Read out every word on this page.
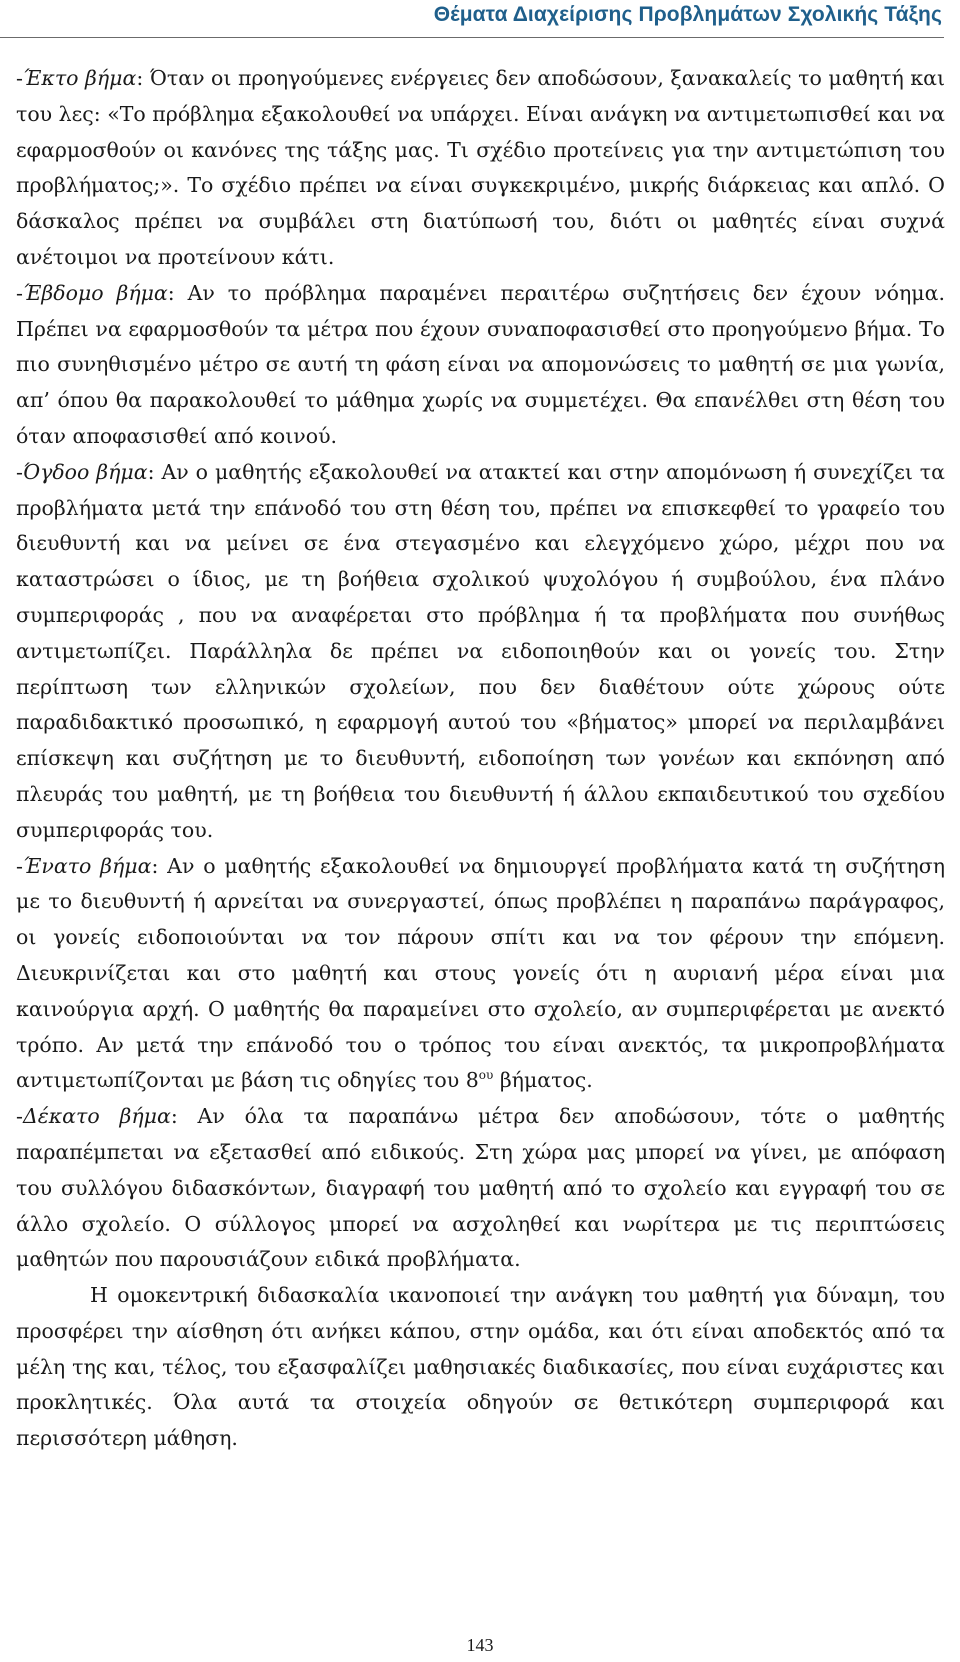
Θέματα Διαχείρισης Προβλημάτων Σχολικής Τάξης

-Έκτο βήμα: Όταν οι προηγούμενες ενέργειες δεν αποδώσουν, ξανακαλείς το μαθητή και του λες: «Το πρόβλημα εξακολουθεί να υπάρχει. Είναι ανάγκη να αντιμετωπισθεί και να εφαρμοσθούν οι κανόνες της τάξης μας. Τι σχέδιο προτείνεις για την αντιμετώπιση του προβλήματος;». Το σχέδιο πρέπει να είναι συγκεκριμένο, μικρής διάρκειας και απλό. Ο δάσκαλος πρέπει να συμβάλει στη διατύπωσή του, διότι οι μαθητές είναι συχνά ανέτοιμοι να προτείνουν κάτι.

-Έβδομο βήμα: Αν το πρόβλημα παραμένει περαιτέρω συζητήσεις δεν έχουν νόημα. Πρέπει να εφαρμοσθούν τα μέτρα που έχουν συναποφασισθεί στο προηγούμενο βήμα. Το πιο συνηθισμένο μέτρο σε αυτή τη φάση είναι να απομονώσεις το μαθητή σε μια γωνία, απ’ όπου θα παρακολουθεί το μάθημα χωρίς να συμμετέχει. Θα επανέλθει στη θέση του όταν αποφασισθεί από κοινού.

-Όγδοο βήμα: Αν ο μαθητής εξακολουθεί να ατακτεί και στην απομόνωση ή συνεχίζει τα προβλήματα μετά την επάνοδό του στη θέση του, πρέπει να επισκεφθεί το γραφείο του διευθυντή και να μείνει σε ένα στεγασμένο και ελεγχόμενο χώρο, μέχρι που να καταστρώσει ο ίδιος, με τη βοήθεια σχολικού ψυχολόγου ή συμβούλου, ένα πλάνο συμπεριφοράς , που να αναφέρεται στο πρόβλημα ή τα προβλήματα που συνήθως αντιμετωπίζει. Παράλληλα δε πρέπει να ειδοποιηθούν και οι γονείς του. Στην περίπτωση των ελληνικών σχολείων, που δεν διαθέτουν ούτε χώρους ούτε παραδιδακτικό προσωπικό, η εφαρμογή αυτού του «βήματος» μπορεί να περιλαμβάνει επίσκεψη και συζήτηση με το διευθυντή, ειδοποίηση των γονέων και εκπόνηση από πλευράς του μαθητή, με τη βοήθεια του διευθυντή ή άλλου εκπαιδευτικού του σχεδίου συμπεριφοράς του.

-Ένατο βήμα: Αν ο μαθητής εξακολουθεί να δημιουργεί προβλήματα κατά τη συζήτηση με το διευθυντή ή αρνείται να συνεργαστεί, όπως προβλέπει η παραπάνω παράγραφος, οι γονείς ειδοποιούνται να τον πάρουν σπίτι και να τον φέρουν την επόμενη. Διευκρινίζεται και στο μαθητή και στους γονείς ότι η αυριανή μέρα είναι μια καινούργια αρχή. Ο μαθητής θα παραμείνει στο σχολείο, αν συμπεριφέρεται με ανεκτό τρόπο. Αν μετά την επάνοδό του ο τρόπος του είναι ανεκτός, τα μικροπροβλήματα αντιμετωπίζονται με βάση τις οδηγίες του $8^{o\upsilon}$ βήματος.

-Δέκατο βήμα: Αν όλα τα παραπάνω μέτρα δεν αποδώσουν, τότε ο μαθητής παραπέμπεται να εξετασθεί από ειδικούς. Στη χώρα μας μπορεί να γίνει, με απόφαση του συλλόγου διδασκόντων, διαγραφή του μαθητή από το σχολείο και εγγραφή του σε άλλο σχολείο. Ο σύλλογος μπορεί να ασχοληθεί και νωρίτερα με τις περιπτώσεις μαθητών που παρουσιάζουν ειδικά προβλήματα.

Η ομοκεντρική διδασκαλία ικανοποιεί την ανάγκη του μαθητή για δύναμη, του προσφέρει την αίσθηση ότι ανήκει κάπου, στην ομάδα, και ότι είναι αποδεκτός από τα μέλη της και, τέλος, του εξασφαλίζει μαθησιακές διαδικασίες, που είναι ευχάριστες και προκλητικές. Όλα αυτά τα στοιχεία οδηγούν σε θετικότερη συμπεριφορά και περισσότερη μάθηση.

143
